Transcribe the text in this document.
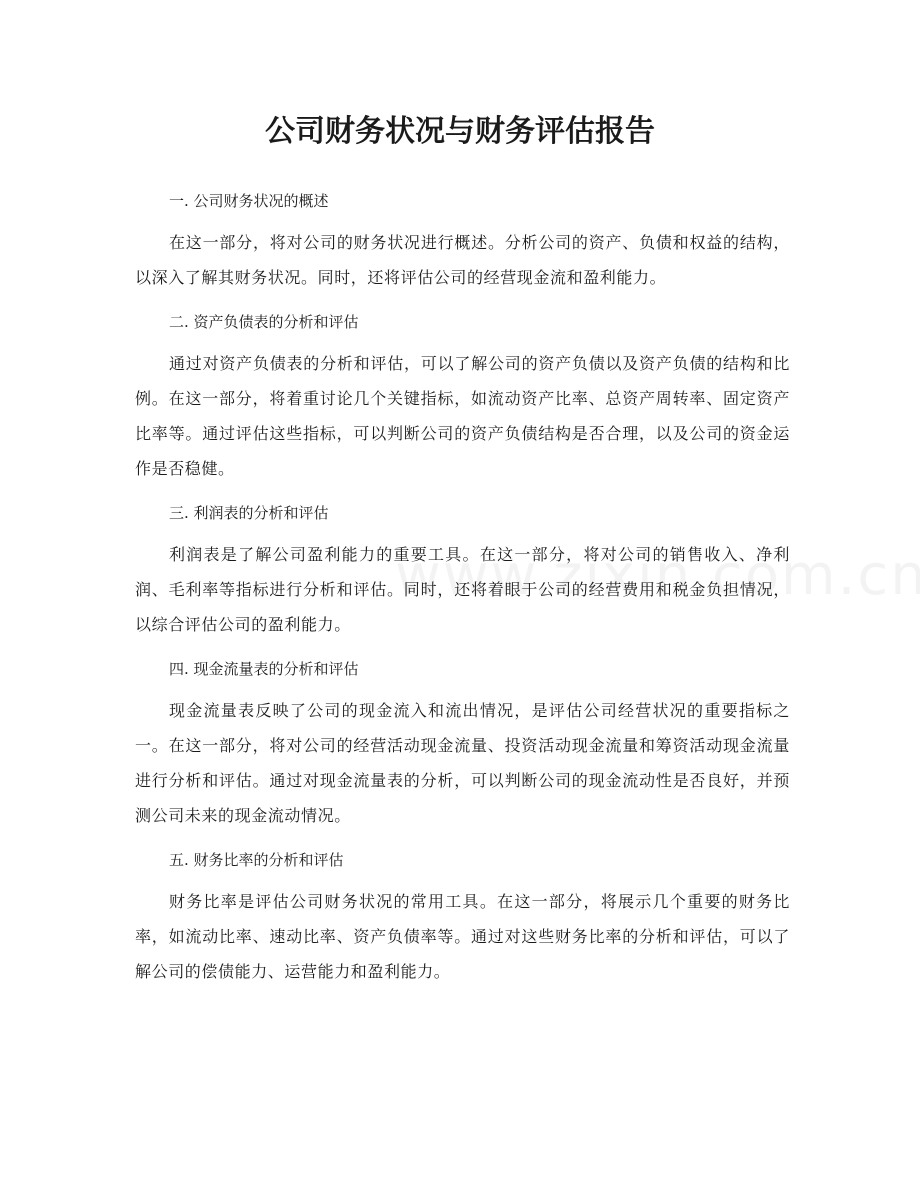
公司财务状况与财务评估报告

一. 公司财务状况的概述

在这一部分，将对公司的财务状况进行概述。分析公司的资产、负债和权益的结构，以深入了解其财务状况。同时，还将评估公司的经营现金流和盈利能力。

二. 资产负债表的分析和评估

通过对资产负债表的分析和评估，可以了解公司的资产负债以及资产负债的结构和比例。在这一部分，将着重讨论几个关键指标，如流动资产比率、总资产周转率、固定资产比率等。通过评估这些指标，可以判断公司的资产负债结构是否合理，以及公司的资金运作是否稳健。

三. 利润表的分析和评估

利润表是了解公司盈利能力的重要工具。在这一部分，将对公司的销售收入、净利润、毛利率等指标进行分析和评估。同时，还将着眼于公司的经营费用和税金负担情况，以综合评估公司的盈利能力。

四. 现金流量表的分析和评估

现金流量表反映了公司的现金流入和流出情况，是评估公司经营状况的重要指标之一。在这一部分，将对公司的经营活动现金流量、投资活动现金流量和筹资活动现金流量进行分析和评估。通过对现金流量表的分析，可以判断公司的现金流动性是否良好，并预测公司未来的现金流动情况。

五. 财务比率的分析和评估

财务比率是评估公司财务状况的常用工具。在这一部分，将展示几个重要的财务比率，如流动比率、速动比率、资产负债率等。通过对这些财务比率的分析和评估，可以了解公司的偿债能力、运营能力和盈利能力。
